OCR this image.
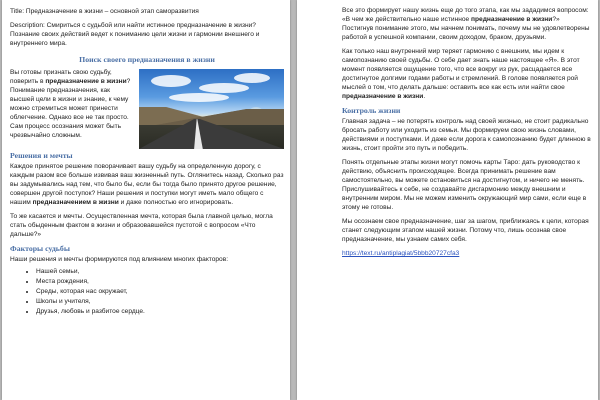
Title: Предназначение в жизни – основной этап саморазвития

Description: Смириться с судьбой или найти истинное предназначение в жизни? Познание своих действий ведет к пониманию цели жизни и гармонии внешнего и внутреннего мира.

Поиск своего предназначения в жизни

Вы готовы признать свою судьбу, поверить в предназначение в жизни? Понимание предназначения, как высшей цели в жизни и знание, к чему можно стремиться может принести облегчение. Однако все не так просто. Сам процесс осознания может быть чрезвычайно сложным.

Решения и мечты

Каждое принятое решение поворачивает вашу судьбу на определенную дорогу, с каждым разом все больше извивая ваш жизненный путь. Оглянитесь назад. Сколько раз вы задумывались над тем, что было бы, если бы тогда было принято другое решение, совершен другой поступок? Наши решения и поступки могут иметь мало общего с нашим предназначением в жизни и даже полностью его игнорировать.

То же касается и мечты. Осуществленная мечта, которая была главной целью, могла стать обыденным фактом в жизни и образовавшейся пустотой с вопросом «Что дальше?»

Факторы судьбы

Наши решения и мечты формируются под влиянием многих факторов:

• Нашей семьи,
• Места рождения,
• Среды, которая нас окружает,
• Школы и учителя,
• Друзья, любовь и разбитое сердце.

Все это формирует нашу жизнь еще до того этапа, как мы зададимся вопросом: «В чем же действительно наше истинное предназначение в жизни?» Постигнув понимание этого, мы начнем понимать, почему мы не удовлетворены работой в успешной компании, своим доходом, браком, друзьями.

Как только наш внутренний мир теряет гармонию с внешним, мы идем к самопознанию своей судьбы. О себе дает знать наше настоящее «Я». В этот момент появляется ощущение того, что все вокруг из рук, расцадается все достигнутое долгими годами работы и стремлений. В голове появляется рой мыслей о том, что делать дальше: оставить все как есть или найти свое предназначение в жизни.

Контроль жизни

Главная задача – не потерять контроль над своей жизнью, не стоит радикально бросать работу или уходить из семьи. Мы формируем свою жизнь словами, действиями и поступками. И даже если дорога к самопознанию будет длинною в жизнь, стоит пройти это путь и победить.

Понять отдельные этапы жизни могут помочь карты Таро: дать руководство к действию, объяснить происходящее. Всегда принимать решение вам самостоятельно, вы можете остановиться на достигнутом, и ничего не менять. Прислушивайтесь к себе, не создавайте дисгармонию между внешним и внутренним миром. Мы не можем изменить окружающий мир сами, если еще в этому не готовы.

Мы осознаем свое предназначение, шаг за шагом, приближаясь к цели, которая станет следующим этапом нашей жизни. Потому что, лишь осознав свое предназначение, мы узнаем самих себя.

https://text.ru/antiplagiat/5bbb20727cfa3
